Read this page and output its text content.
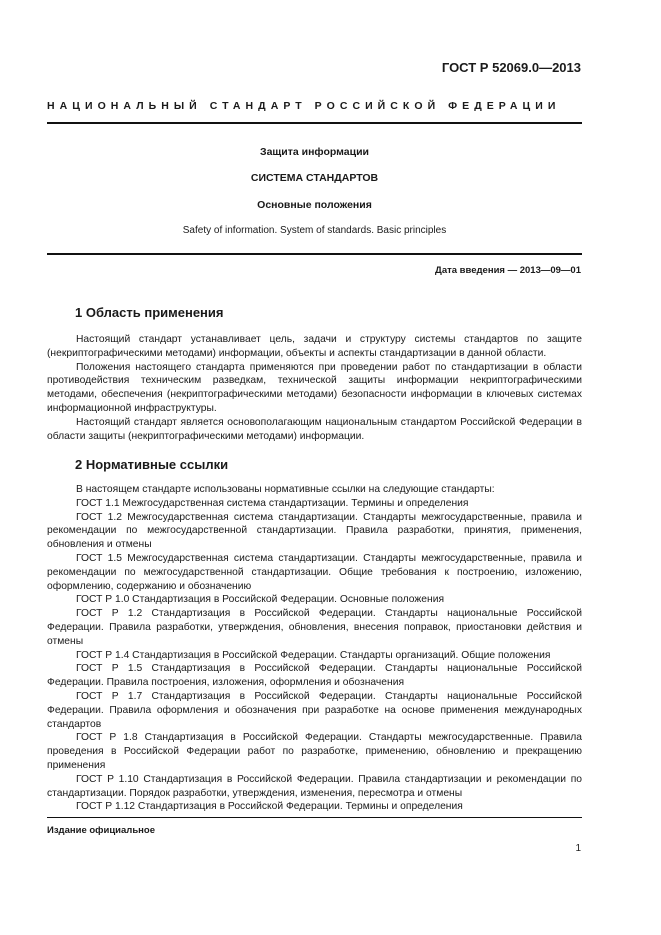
ГОСТ Р 52069.0—2013
НАЦИОНАЛЬНЫЙ СТАНДАРТ РОССИЙСКОЙ ФЕДЕРАЦИИ
Защита информации
СИСТЕМА СТАНДАРТОВ
Основные положения
Safety of information. System of standards. Basic principles
Дата введения — 2013—09—01
1 Область применения

Настоящий стандарт устанавливает цель, задачи и структуру системы стандартов по защите (некриптографическими методами) информации, объекты и аспекты стандартизации в данной области.

Положения настоящего стандарта применяются при проведении работ по стандартизации в области противодействия техническим разведкам, технической защиты информации некриптографическими методами, обеспечения (некриптографическими методами) безопасности информации в ключевых системах информационной инфраструктуры.

Настоящий стандарт является основополагающим национальным стандартом Российской Федерации в области защиты (некриптографическими методами) информации.

2 Нормативные ссылки

В настоящем стандарте использованы нормативные ссылки на следующие стандарты:

ГОСТ 1.1 Межгосударственная система стандартизации. Термины и определения

ГОСТ 1.2 Межгосударственная система стандартизации. Стандарты межгосударственные, правила и рекомендации по межгосударственной стандартизации. Правила разработки, принятия, применения, обновления и отмены

ГОСТ 1.5 Межгосударственная система стандартизации. Стандарты межгосударственные, правила и рекомендации по межгосударственной стандартизации. Общие требования к построению, изложению, оформлению, содержанию и обозначению

ГОСТ Р 1.0 Стандартизация в Российской Федерации. Основные положения

ГОСТ Р 1.2 Стандартизация в Российской Федерации. Стандарты национальные Российской Федерации. Правила разработки, утверждения, обновления, внесения поправок, приостановки действия и отмены

ГОСТ Р 1.4 Стандартизация в Российской Федерации. Стандарты организаций. Общие положения

ГОСТ Р 1.5 Стандартизация в Российской Федерации. Стандарты национальные Российской Федерации. Правила построения, изложения, оформления и обозначения

ГОСТ Р 1.7 Стандартизация в Российской Федерации. Стандарты национальные Российской Федерации. Правила оформления и обозначения при разработке на основе применения международных стандартов

ГОСТ Р 1.8 Стандартизация в Российской Федерации. Стандарты межгосударственные. Правила проведения в Российской Федерации работ по разработке, применению, обновлению и прекращению применения

ГОСТ Р 1.10 Стандартизация в Российской Федерации. Правила стандартизации и рекомендации по стандартизации. Порядок разработки, утверждения, изменения, пересмотра и отмены

ГОСТ Р 1.12 Стандартизация в Российской Федерации. Термины и определения

Издание официальное
1
